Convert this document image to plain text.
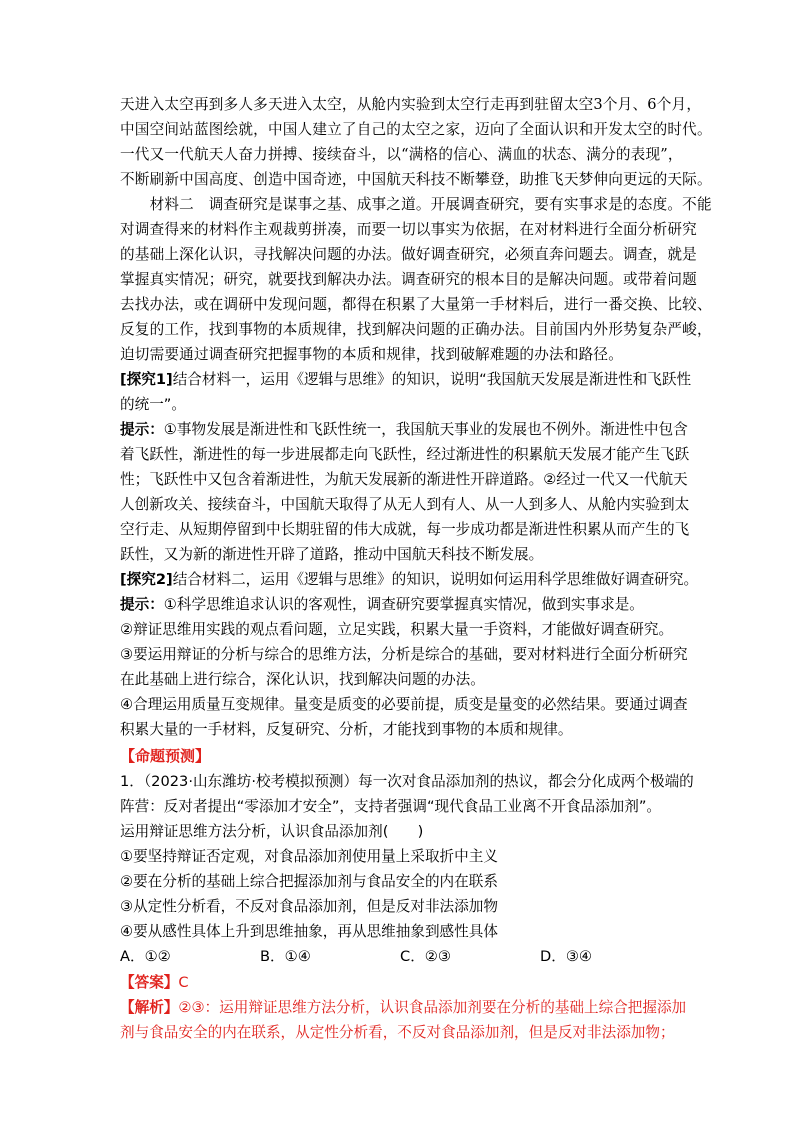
天进入太空再到多人多天进入太空，从舱内实验到太空行走再到驻留太空3个月、6个月，
中国空间站蓝图绘就，中国人建立了自己的太空之家，迈向了全面认识和开发太空的时代。
一代又一代航天人奋力拼搏、接续奋斗，以“满格的信心、满血的状态、满分的表现”，
不断刷新中国高度、创造中国奇迹，中国航天科技不断攀登，助推飞天梦伸向更远的天际。
　　材料二　调查研究是谋事之基、成事之道。开展调查研究，要有实事求是的态度。不能
对调查得来的材料作主观裁剪拼凑，而要一切以事实为依据，在对材料进行全面分析研究
的基础上深化认识，寻找解决问题的办法。做好调查研究，必须直奔问题去。调查，就是
掌握真实情况；研究，就要找到解决办法。调查研究的根本目的是解决问题。或带着问题
去找办法，或在调研中发现问题，都得在积累了大量第一手材料后，进行一番交换、比较、
反复的工作，找到事物的本质规律，找到解决问题的正确办法。目前国内外形势复杂严峻，
迫切需要通过调查研究把握事物的本质和规律，找到破解难题的办法和路径。
[探究1]结合材料一，运用《逻辑与思维》的知识，说明“我国航天发展是渐进性和飞跃性
的统一”。
提示：①事物发展是渐进性和飞跃性统一，我国航天事业的发展也不例外。渐进性中包含
着飞跃性，渐进性的每一步进展都走向飞跃性，经过渐进性的积累航天发展才能产生飞跃
性；飞跃性中又包含着渐进性，为航天发展新的渐进性开辟道路。②经过一代又一代航天
人创新攻关、接续奋斗，中国航天取得了从无人到有人、从一人到多人、从舱内实验到太
空行走、从短期停留到中长期驻留的伟大成就，每一步成功都是渐进性积累从而产生的飞
跃性，又为新的渐进性开辟了道路，推动中国航天科技不断发展。
[探究2]结合材料二，运用《逻辑与思维》的知识，说明如何运用科学思维做好调查研究。
提示：①科学思维追求认识的客观性，调查研究要掌握真实情况，做到实事求是。
②辩证思维用实践的观点看问题，立足实践，积累大量一手资料，才能做好调查研究。
③要运用辩证的分析与综合的思维方法，分析是综合的基础，要对材料进行全面分析研究
在此基础上进行综合，深化认识，找到解决问题的办法。
④合理运用质量互变规律。量变是质变的必要前提，质变是量变的必然结果。要通过调查
积累大量的一手材料，反复研究、分析，才能找到事物的本质和规律。
【命题预测】
1．（2023·山东潍坊·校考模拟预测）每一次对食品添加剂的热议，都会分化成两个极端的
阵营：反对者提出“零添加才安全”，支持者强调“现代食品工业离不开食品添加剂”。
运用辩证思维方法分析，认识食品添加剂(　　)
①要坚持辩证否定观，对食品添加剂使用量上采取折中主义
②要在分析的基础上综合把握添加剂与食品安全的内在联系
③从定性分析看，不反对食品添加剂，但是反对非法添加物
④要从感性具体上升到思维抽象，再从思维抽象到感性具体
A．①②	B．①④	C．②③	D．③④
【答案】C
【解析】②③：运用辩证思维方法分析，认识食品添加剂要在分析的基础上综合把握添加
剂与食品安全的内在联系，从定性分析看，不反对食品添加剂，但是反对非法添加物；
